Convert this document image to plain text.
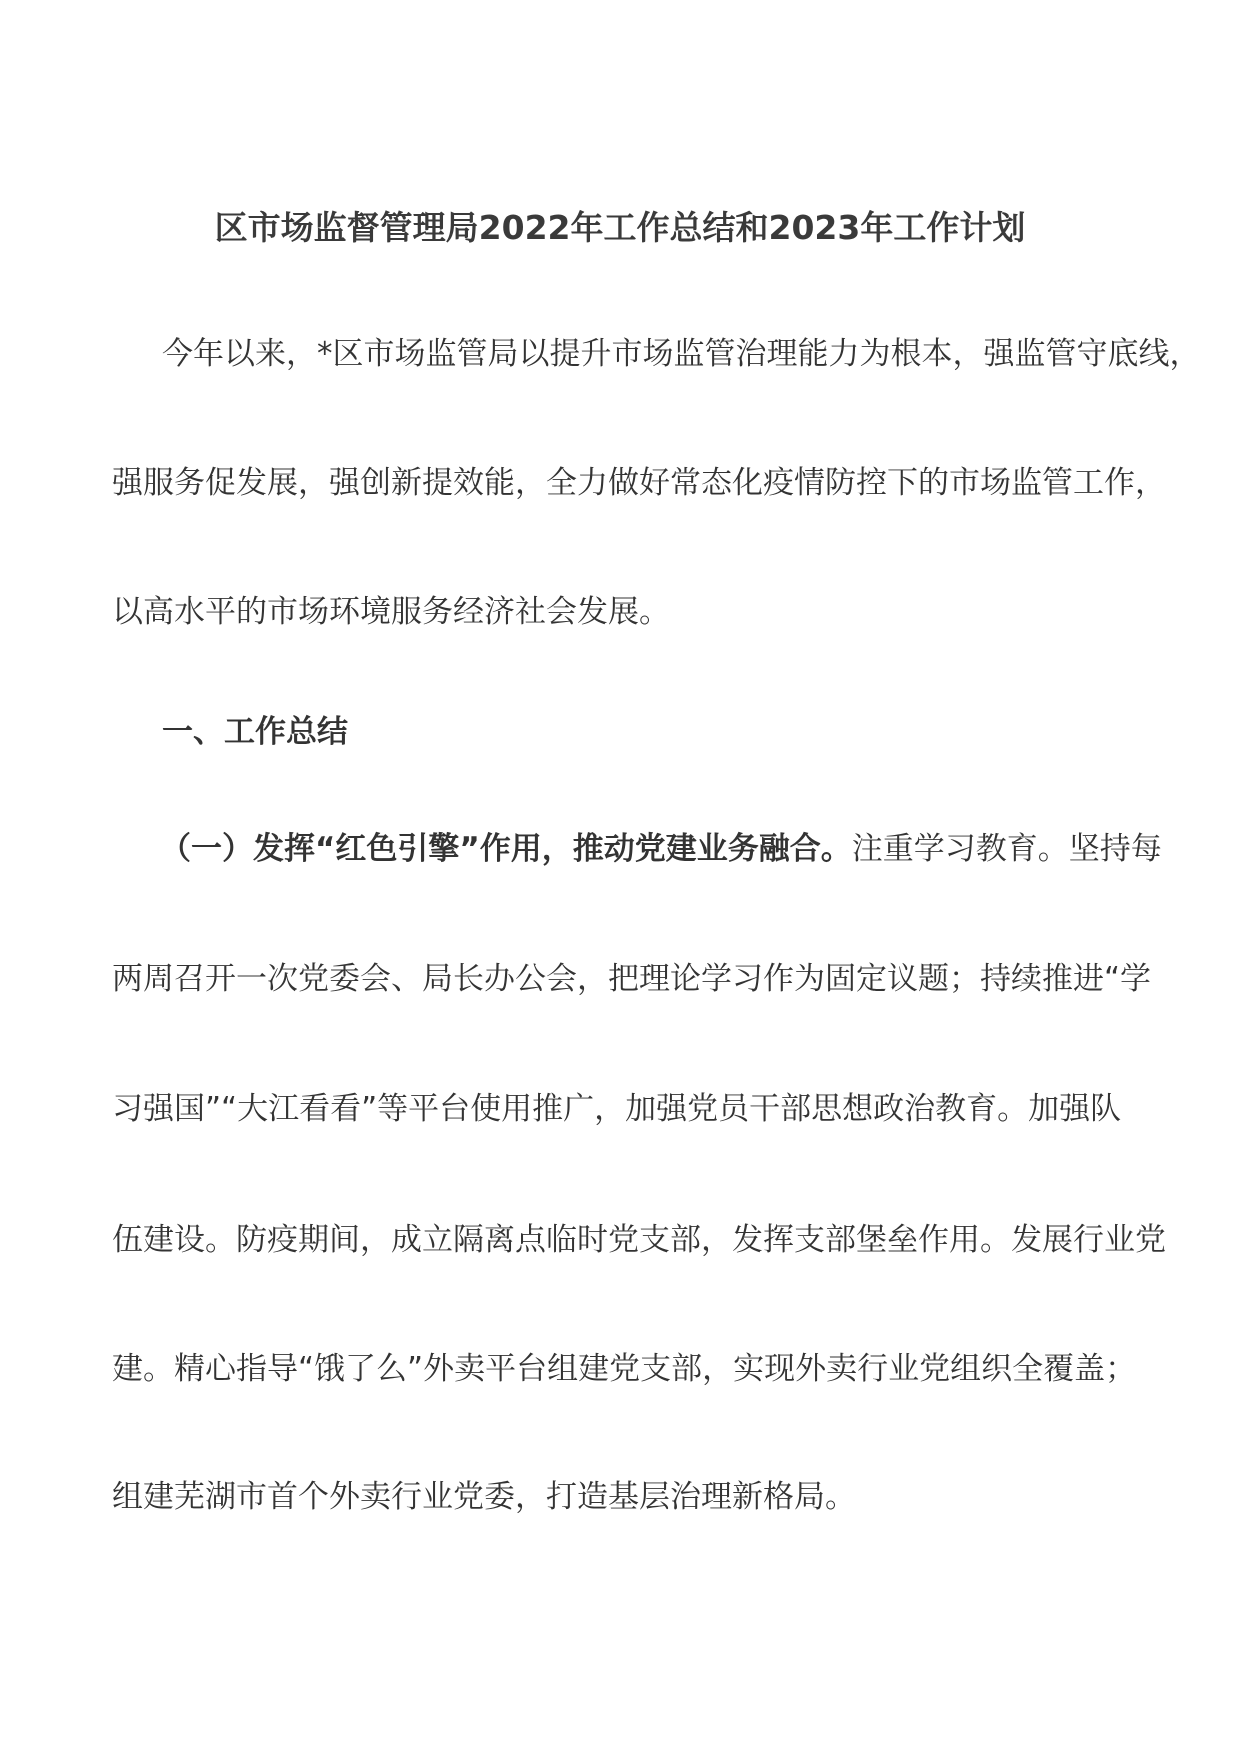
区市场监督管理局2022年工作总结和2023年工作计划
今年以来，*区市场监管局以提升市场监管治理能力为根本，强监管守底线，
强服务促发展，强创新提效能，全力做好常态化疫情防控下的市场监管工作，
以高水平的市场环境服务经济社会发展。
一、工作总结
（一）发挥“红色引擎”作用，推动党建业务融合。注重学习教育。坚持每
两周召开一次党委会、局长办公会，把理论学习作为固定议题；持续推进“学
习强国”“大江看看”等平台使用推广，加强党员干部思想政治教育。加强队
伍建设。防疫期间，成立隔离点临时党支部，发挥支部堡垒作用。发展行业党
建。精心指导“饿了么”外卖平台组建党支部，实现外卖行业党组织全覆盖；
组建芜湖市首个外卖行业党委，打造基层治理新格局。
